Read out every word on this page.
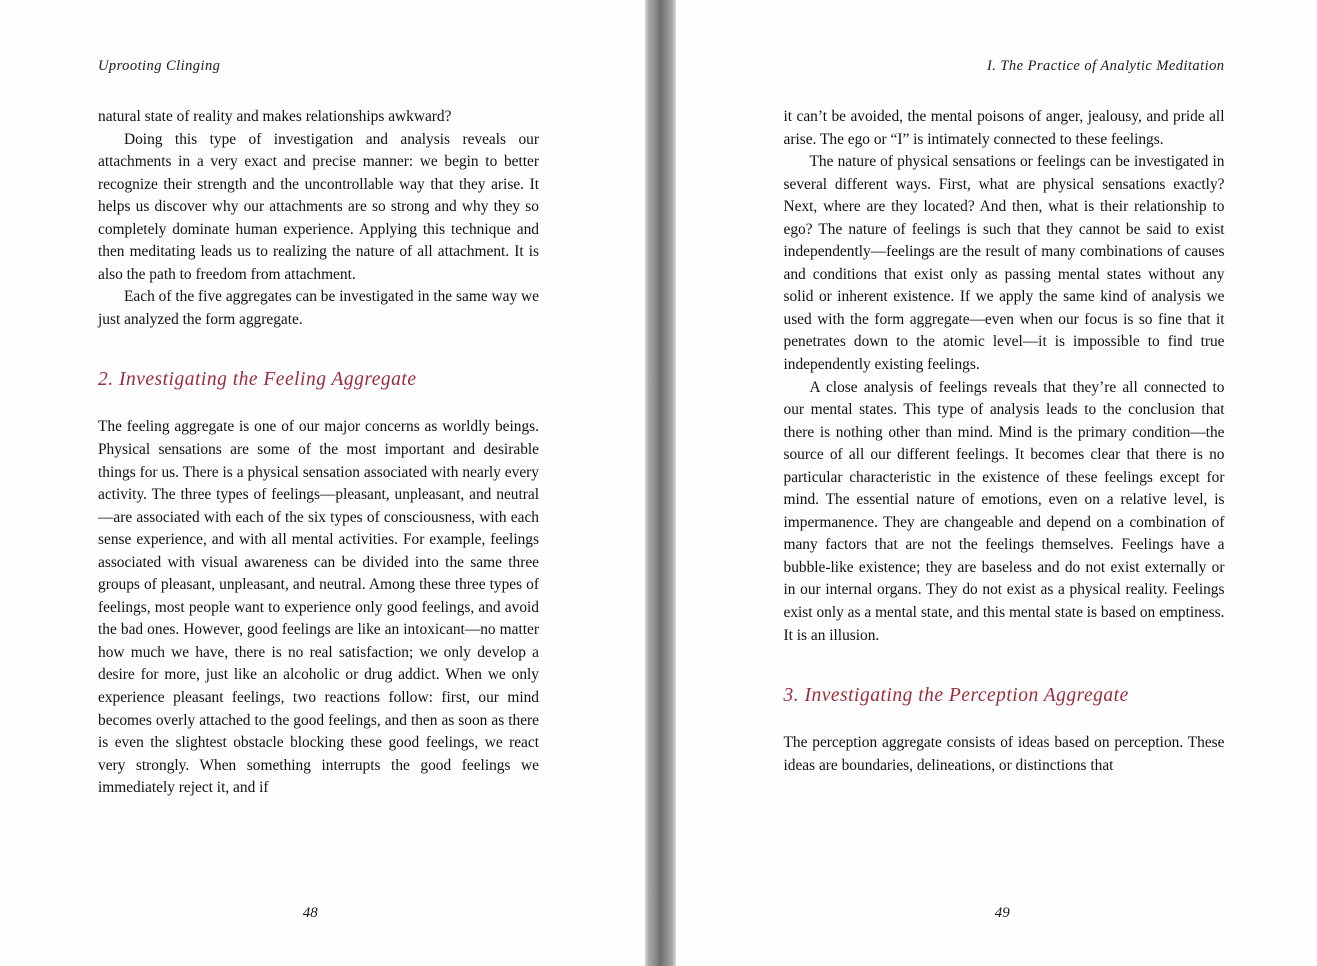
Uprooting Clinging

natural state of reality and makes relationships awkward?

Doing this type of investigation and analysis reveals our attachments in a very exact and precise manner: we begin to better recognize their strength and the uncontrollable way that they arise. It helps us discover why our attachments are so strong and why they so completely dominate human experience. Applying this technique and then meditating leads us to realizing the nature of all attachment. It is also the path to freedom from attachment.

Each of the five aggregates can be investigated in the same way we just analyzed the form aggregate.

2. Investigating the Feeling Aggregate

The feeling aggregate is one of our major concerns as worldly beings. Physical sensations are some of the most important and desirable things for us. There is a physical sensation associated with nearly every activity. The three types of feelings—pleasant, unpleasant, and neutral—are associated with each of the six types of consciousness, with each sense experience, and with all mental activities. For example, feelings associated with visual awareness can be divided into the same three groups of pleasant, unpleasant, and neutral. Among these three types of feelings, most people want to experience only good feelings, and avoid the bad ones. However, good feelings are like an intoxicant—no matter how much we have, there is no real satisfaction; we only develop a desire for more, just like an alcoholic or drug addict. When we only experience pleasant feelings, two reactions follow: first, our mind becomes overly attached to the good feelings, and then as soon as there is even the slightest obstacle blocking these good feelings, we react very strongly. When something interrupts the good feelings we immediately reject it, and if

48
I. The Practice of Analytic Meditation

it can’t be avoided, the mental poisons of anger, jealousy, and pride all arise. The ego or “I” is intimately connected to these feelings.

The nature of physical sensations or feelings can be investigated in several different ways. First, what are physical sensations exactly? Next, where are they located? And then, what is their relationship to ego? The nature of feelings is such that they cannot be said to exist independently—feelings are the result of many combinations of causes and conditions that exist only as passing mental states without any solid or inherent existence. If we apply the same kind of analysis we used with the form aggregate—even when our focus is so fine that it penetrates down to the atomic level—it is impossible to find true independently existing feelings.

A close analysis of feelings reveals that they’re all connected to our mental states. This type of analysis leads to the conclusion that there is nothing other than mind. Mind is the primary condition—the source of all our different feelings. It becomes clear that there is no particular characteristic in the existence of these feelings except for mind. The essential nature of emotions, even on a relative level, is impermanence. They are changeable and depend on a combination of many factors that are not the feelings themselves. Feelings have a bubble-like existence; they are baseless and do not exist externally or in our internal organs. They do not exist as a physical reality. Feelings exist only as a mental state, and this mental state is based on emptiness. It is an illusion.

3. Investigating the Perception Aggregate

The perception aggregate consists of ideas based on perception. These ideas are boundaries, delineations, or distinctions that

49
